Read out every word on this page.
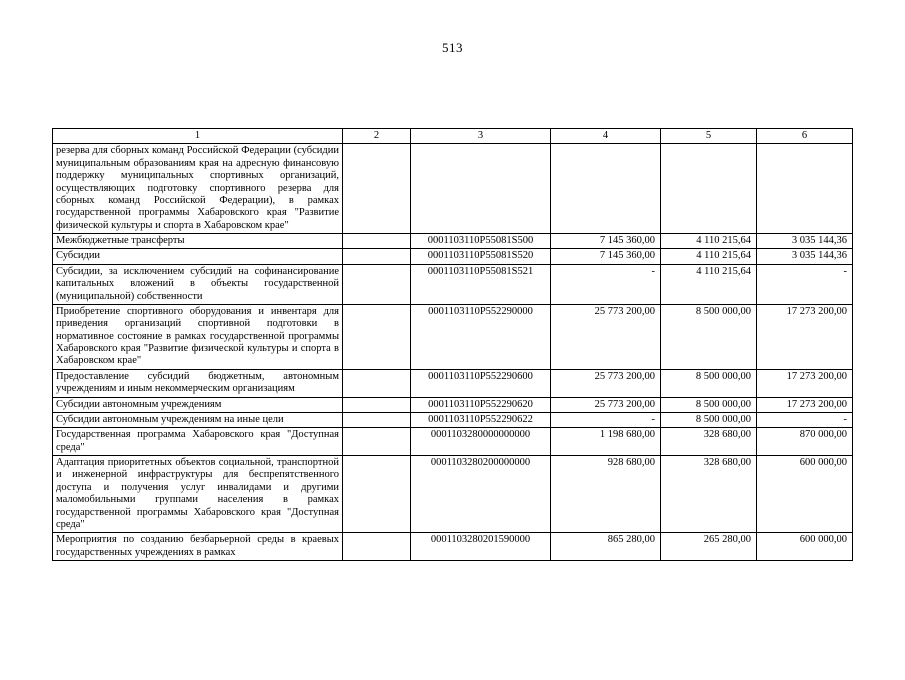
513
1	2	3	4	5	6
резерва для сборных команд Российской Федерации (субсидии муниципальным образованиям края на адресную финансовую поддержку муниципальных спортивных организаций, осуществляющих подготовку спортивного резерва для сборных команд Российской Федерации), в рамках государственной программы Хабаровского края "Развитие физической культуры и спорта в Хабаровском крае"					
Межбюджетные трансферты		0001103110Р55081S500	7 145 360,00	4 110 215,64	3 035 144,36
Субсидии		0001103110Р55081S520	7 145 360,00	4 110 215,64	3 035 144,36
Субсидии, за исключением субсидий на софинансирование капитальных вложений в объекты государственной (муниципальной) собственности		0001103110Р55081S521	-	4 110 215,64	-
Приобретение спортивного оборудования и инвентаря для приведения организаций спортивной подготовки в нормативное состояние в рамках государственной программы Хабаровского края "Развитие физической культуры и спорта в Хабаровском крае"		0001103110Р552290000	25 773 200,00	8 500 000,00	17 273 200,00
Предоставление субсидий бюджетным, автономным учреждениям и иным некоммерческим организациям		0001103110Р552290600	25 773 200,00	8 500 000,00	17 273 200,00
Субсидии автономным учреждениям		0001103110Р552290620	25 773 200,00	8 500 000,00	17 273 200,00
Субсидии автономным учреждениям на иные цели		0001103110Р552290622	-	8 500 000,00	-
Государственная программа Хабаровского края "Доступная среда"		0001103280000000000	1 198 680,00	328 680,00	870 000,00
Адаптация приоритетных объектов социальной, транспортной и инженерной инфраструктуры для беспрепятственного доступа и получения услуг инвалидами и другими маломобильными группами населения в рамках государственной программы Хабаровского края "Доступная среда"		0001103280200000000	928 680,00	328 680,00	600 000,00
Мероприятия по созданию безбарьерной среды в краевых государственных учреждениях в рамках		0001103280201590000	865 280,00	265 280,00	600 000,00
